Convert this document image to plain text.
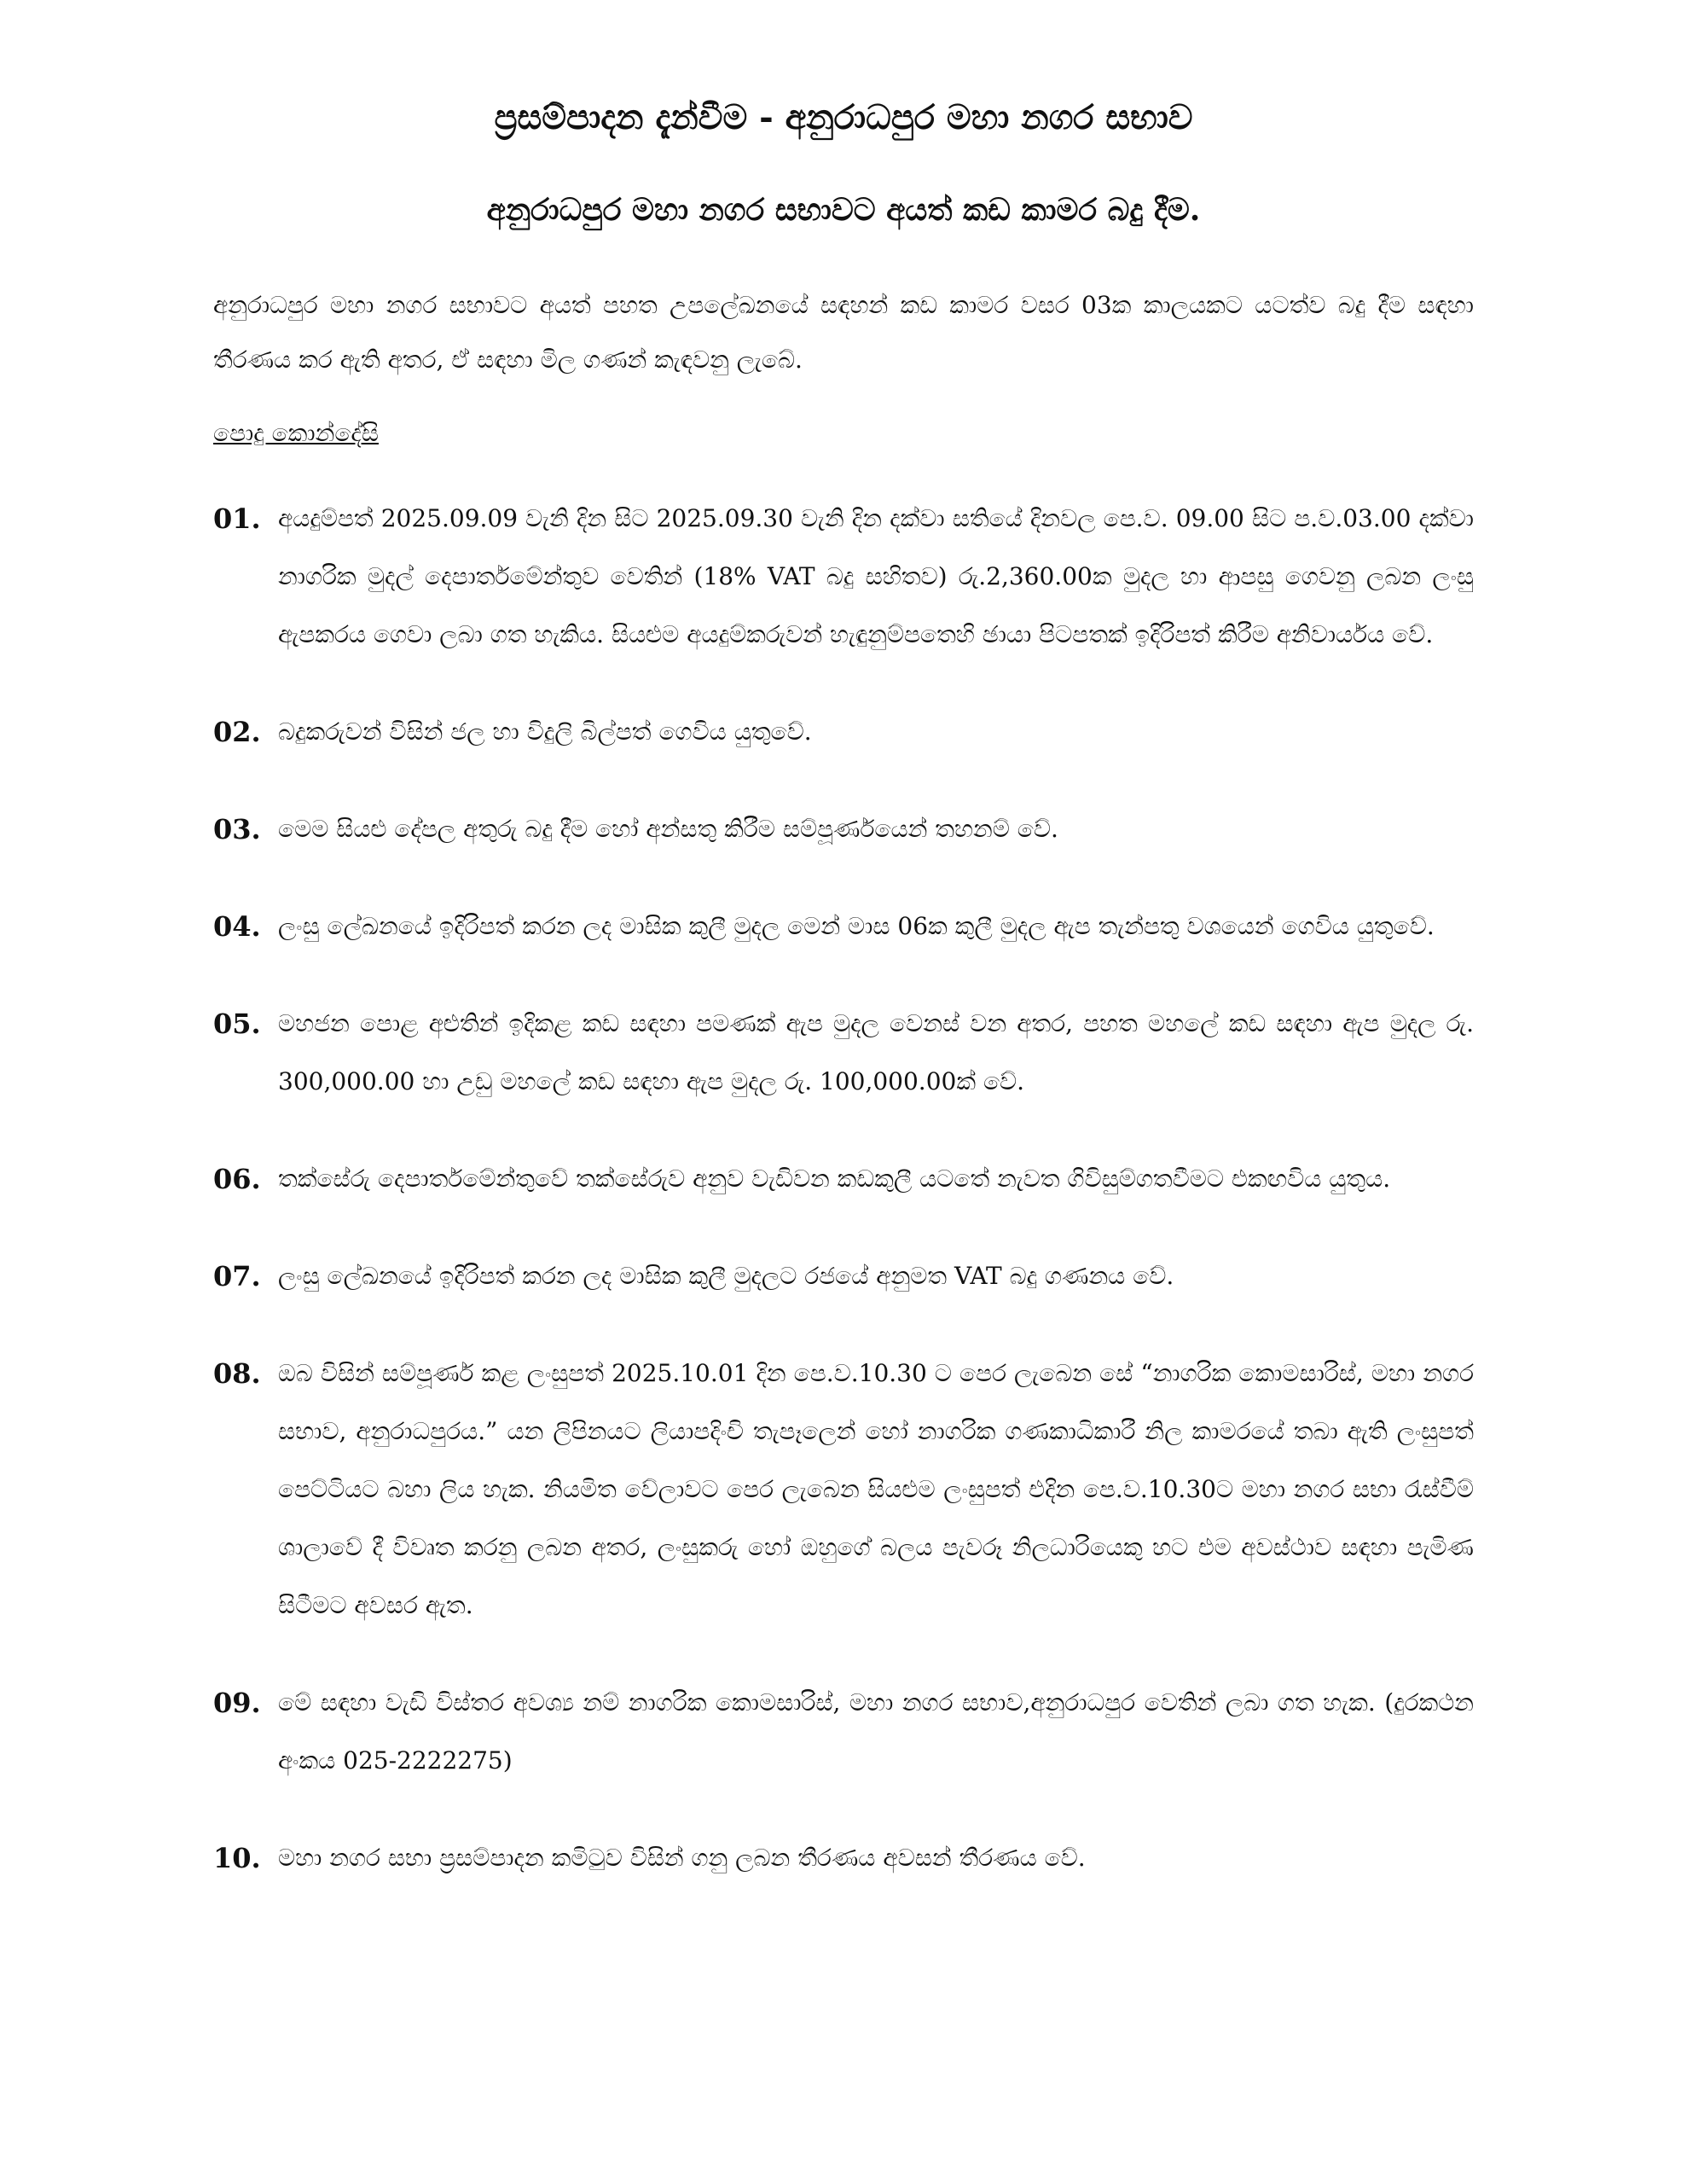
ප්‍රසම්පාදන දැන්වීම - අනුරාධපුර මහා නගර සභාව
අනුරාධපුර මහා නගර සභාවට අයත් කඩ කාමර බදු දීම.

අනුරාධපුර මහා නගර සභාවට අයත් පහත උපලේඛනයේ සඳහන් කඩ කාමර වසර 03ක කාලයකට යටත්ව බදු දීම සඳහා තීරණය කර ඇති අතර, ඒ සඳහා මිල ගණන් කැඳවනු ලැබේ.

පොදු කොන්දේසි
01. අයදුම්පත් 2025.09.09 වැනි දින සිට 2025.09.30 වැනි දින දක්වා සතියේ දිනවල පෙ.ව. 09.00 සිට ප.ව.03.00 දක්වා නාගරික මුදල් දෙපාර්තමේන්තුව වෙතින් (18% VAT බදු සහිතව) රු.2,360.00ක මුදල හා ආපසු ගෙවනු ලබන ලංසු ඇපකරය ගෙවා ලබා ගත හැකිය. සියළුම අයදුම්කරුවන් හැඳුනුම්පතෙහි ඡායා පිටපතක් ඉදිරිපත් කිරීම අනිවාර්යය වේ.
02. බදුකරුවන් විසින් ජල හා විදුලි බිල්පත් ගෙවිය යුතුවේ.
03. මෙම සියළු දේපල අතුරු බදු දීම හෝ අන්සතු කිරීම සම්පූර්ණයෙන් තහනම් වේ.
04. ලංසු ලේඛනයේ ඉදිරිපත් කරන ලද මාසික කුලී මුදල මෙන් මාස 06ක කුලී මුදල ඇප තැන්පතු වශයෙන් ගෙවිය යුතුවේ.
05. මහජන පොළ අළුතින් ඉදිකළ කඩ සඳහා පමණක් ඇප මුදල වෙනස් වන අතර, පහත මහලේ කඩ සඳහා ඇප මුදල රු. 300,000.00 හා උඩු මහලේ කඩ සඳහා ඇප මුදල රු. 100,000.00ක් වේ.
06. තක්සේරු දෙපාර්තමේන්තුවේ තක්සේරුව අනුව වැඩිවන කඩකුලී යටතේ නැවත ගිවිසුම්ගතවීමට එකඟවිය යුතුය.
07. ලංසු ලේඛනයේ ඉදිරිපත් කරන ලද මාසික කුලී මුදලට රජයේ අනුමත VAT බදු ගණනය වේ.
08. ඔබ විසින් සම්පූර්ණ කළ ලංසුපත් 2025.10.01 දින පෙ.ව.10.30 ට පෙර ලැබෙන සේ “නාගරික කොමසාරිස්, මහා නගර සභාව, අනුරාධපුරය.” යන ලිපිනයට ලියාපදිංචි තැපෑලෙන් හෝ නාගරික ගණකාධිකාරී නිල කාමරයේ තබා ඇති ලංසුපත් පෙට්ටියට බහා ලිය හැක. නියමිත වේලාවට පෙර ලැබෙන සියළුම ලංසුපත් එදින පෙ.ව.10.30ට මහා නගර සභා රැස්වීම් ශාලාවේ දී විවෘත කරනු ලබන අතර, ලංසුකරු හෝ ඔහුගේ බලය පැවරූ නිලධාරියෙකු හට එම අවස්ථාව සඳහා පැමිණ සිටීමට අවසර ඇත.
09. මේ සඳහා වැඩි විස්තර අවශ්‍ය නම් නාගරික කොමසාරිස්, මහා නගර සභාව,අනුරාධපුර වෙතින් ලබා ගත හැක. (දුරකථන අංකය 025-2222275)
10. මහා නගර සභා ප්‍රසම්පාදන කමිටුව විසින් ගනු ලබන තීරණය අවසන් තීරණය වේ.
